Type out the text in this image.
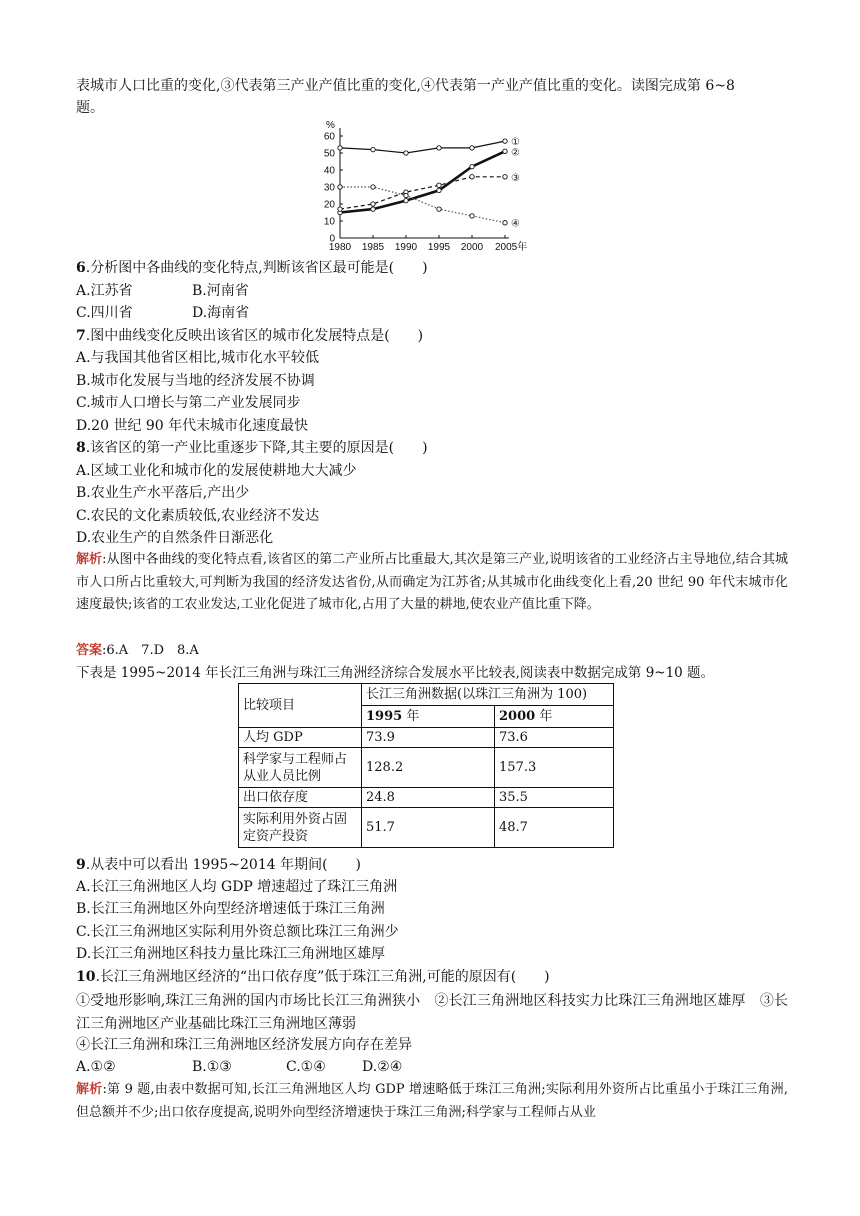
表城市人口比重的变化,③代表第三产业产值比重的变化,④代表第一产业产值比重的变化。读图完成第 6~8
题。
%
0
10
20
30
40
50
60
1980 1985 1990 1995 2000 2005年
①
②
③
④
6.分析图中各曲线的变化特点,判断该省区最可能是(　　)
A.江苏省	B.河南省
C.四川省	D.海南省
7.图中曲线变化反映出该省区的城市化发展特点是(　　)
A.与我国其他省区相比,城市化水平较低
B.城市化发展与当地的经济发展不协调
C.城市人口增长与第二产业发展同步
D.20 世纪 90 年代末城市化速度最快
8.该省区的第一产业比重逐步下降,其主要的原因是(　　)
A.区域工业化和城市化的发展使耕地大大减少
B.农业生产水平落后,产出少
C.农民的文化素质较低,农业经济不发达
D.农业生产的自然条件日渐恶化
解析:从图中各曲线的变化特点看,该省区的第二产业所占比重最大,其次是第三产业,说明该省的工业经济占主导地位,结合其城市人口所占比重较大,可判断为我国的经济发达省份,从而确定为江苏省;从其城市化曲线变化上看,20 世纪 90 年代末城市化速度最快;该省的工农业发达,工业化促进了城市化,占用了大量的耕地,使农业产值比重下降。
答案:6.A　7.D　8.A
下表是 1995~2014 年长江三角洲与珠江三角洲经济综合发展水平比较表,阅读表中数据完成第 9~10 题。
比较项目	长江三角洲数据(以珠江三角洲为 100)	
	1995 年	2000 年
人均 GDP	73.9	73.6
科学家与工程师占从业人员比例	128.2	157.3
出口依存度	24.8	35.5
实际利用外资占固定资产投资	51.7	48.7
9.从表中可以看出 1995~2014 年期间(　　)
A.长江三角洲地区人均 GDP 增速超过了珠江三角洲
B.长江三角洲地区外向型经济增速低于珠江三角洲
C.长江三角洲地区实际利用外资总额比珠江三角洲少
D.长江三角洲地区科技力量比珠江三角洲地区雄厚
10.长江三角洲地区经济的“出口依存度”低于珠江三角洲,可能的原因有(　　)
①受地形影响,珠江三角洲的国内市场比长江三角洲狭小　②长江三角洲地区科技实力比珠江三角洲地区雄厚　③长江三角洲地区产业基础比珠江三角洲地区薄弱
④长江三角洲和珠江三角洲地区经济发展方向存在差异
A.①②	B.①③	C.①④	D.②④
解析:第 9 题,由表中数据可知,长江三角洲地区人均 GDP 增速略低于珠江三角洲;实际利用外资所占比重虽小于珠江三角洲,但总额并不少;出口依存度提高,说明外向型经济增速快于珠江三角洲;科学家与工程师占从业
